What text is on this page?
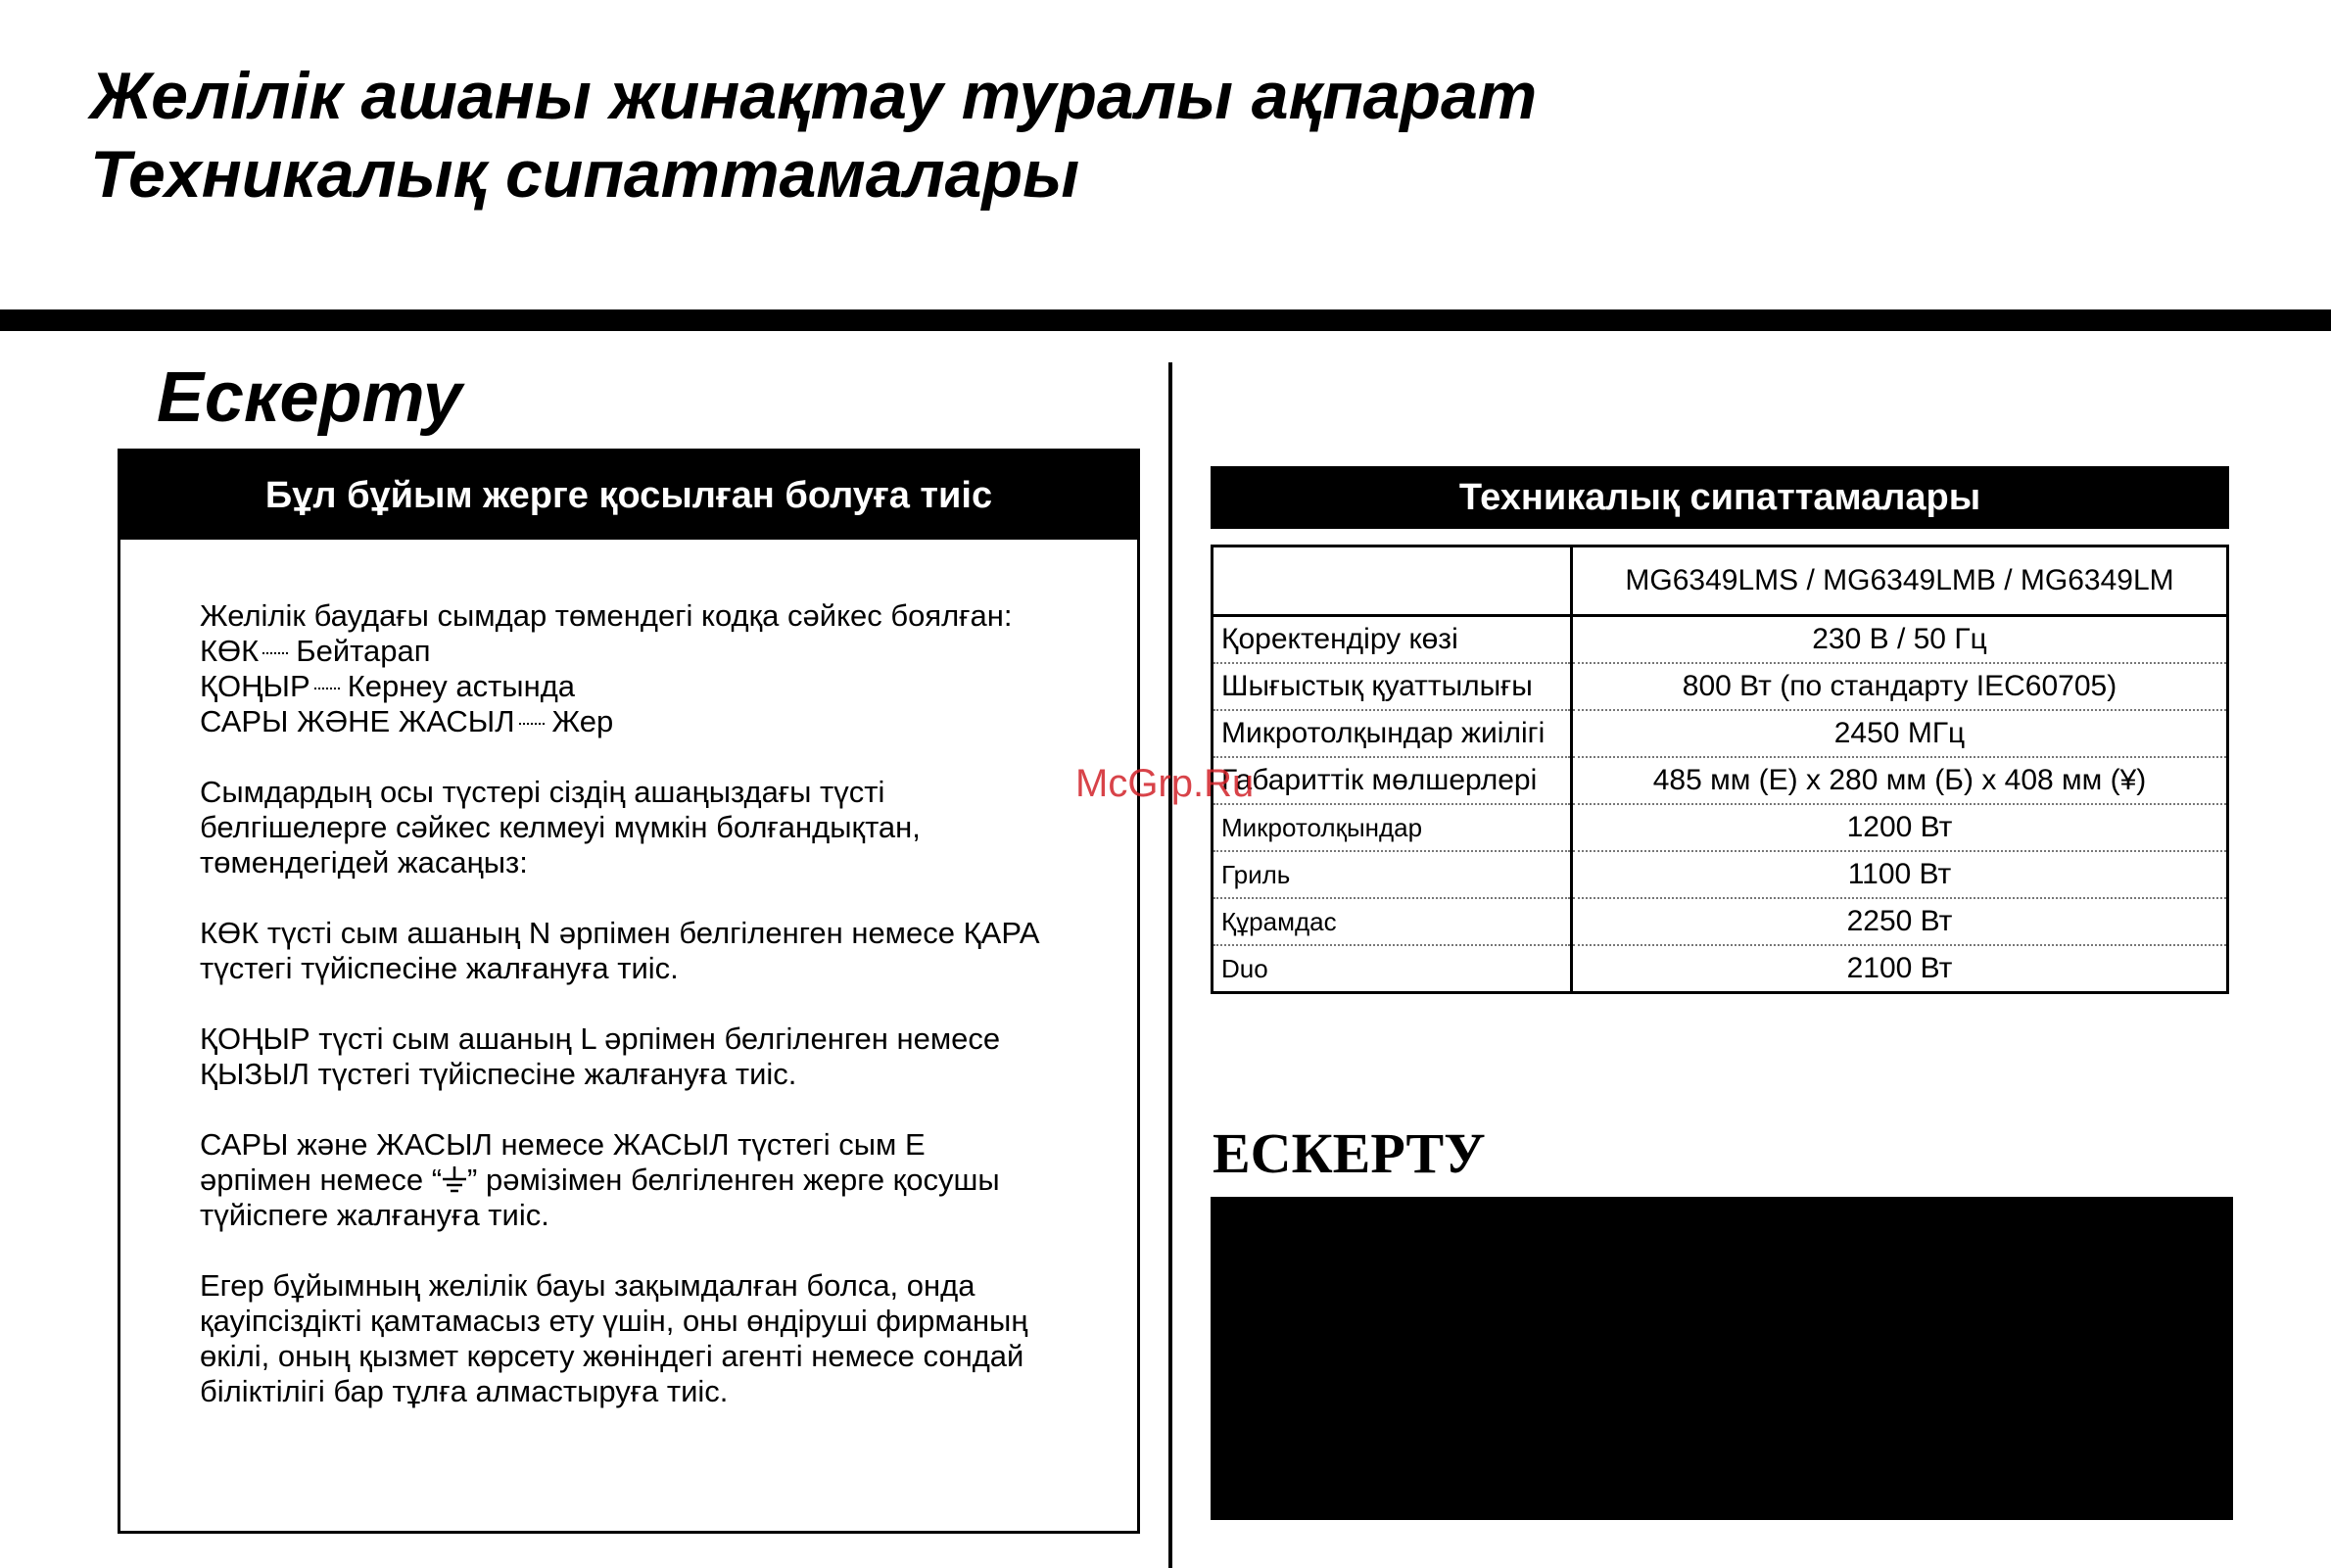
Желілік ашаны жинақтау туралы ақпарат
Техникалық сипаттамалары
Ескерту
Бұл бұйым жерге қосылған болуға тиіс

Желілік баудағы сымдар төмендегі кодқа сәйкес боялған:
КӨК Бейтарап
ҚОҢЫР Кернеу астында
САРЫ ЖӘНЕ ЖАСЫЛ Жер

Сымдардың осы түстері сіздің ашаңыздағы түсті
белгішелерге сәйкес келмеуі мүмкін болғандықтан,
төмендегідей жасаңыз:

КӨК түсті сым ашаның N әрпімен белгіленген немесе ҚАРА
түстегі түйіспесіне жалғануға тиіс.

ҚОҢЫР түсті сым ашаның L әрпімен белгіленген немесе
ҚЫЗЫЛ түстегі түйіспесіне жалғануға тиіс.

САРЫ және ЖАСЫЛ немесе ЖАСЫЛ түстегі сым Е
әрпімен немесе “ ” рәмізімен белгіленген жерге қосушы
түйіспеге жалғануға тиіс.

Егер бұйымның желілік бауы зақымдалған болса, онда
қауіпсіздікті қамтамасыз ету үшін, оны өндіруші фирманың
өкілі, оның қызмет көрсету жөніндегі агенті немесе сондай
біліктілігі бар тұлға алмастыруға тиіс.

Техникалық сипаттамалары
	MG6349LMS / MG6349LMB / MG6349LM
Қоректендіру көзі	230 В / 50 Гц
Шығыстық қуаттылығы	800 Вт (по стандарту IEC60705)
Микротолқындар жиілігі	2450 МГц
Габариттік мөлшерлері	485 мм (Е) х 280 мм (Б) х 408 мм (¥)
Микротолқындар	1200 Вт
Гриль	1100 Вт
Құрамдас	2250 Вт
Duo	2100 Вт
ЕСКЕРТУ
McGrp.Ru
